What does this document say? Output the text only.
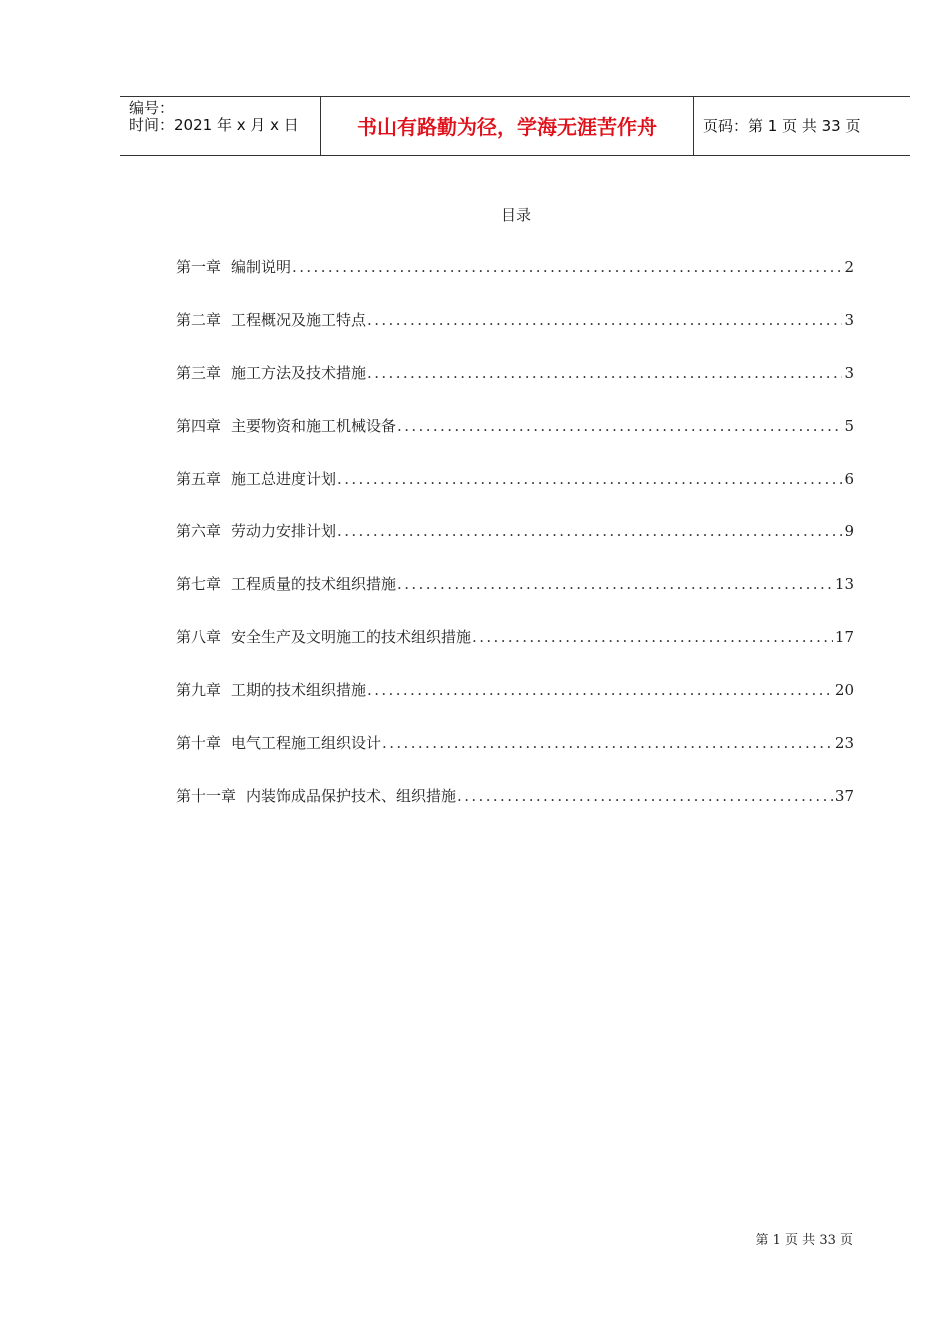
编号：
时间：2021 年 x 月 x 日	书山有路勤为径，学海无涯苦作舟	页码：第 1 页 共 33 页
目录
第一章 编制说明 .....	2
第二章 工程概况及施工特点 .....	3
第三章 施工方法及技术措施 .....	3
第四章 主要物资和施工机械设备 .....	5
第五章 施工总进度计划 .....	6
第六章 劳动力安排计划 .....	9
第七章 工程质量的技术组织措施 .....	13
第八章 安全生产及文明施工的技术组织措施 .....	17
第九章 工期的技术组织措施 .....	20
第十章 电气工程施工组织设计 .....	23
第十一章 内装饰成品保护技术、组织措施 .....	37
第 1 页 共 33 页
